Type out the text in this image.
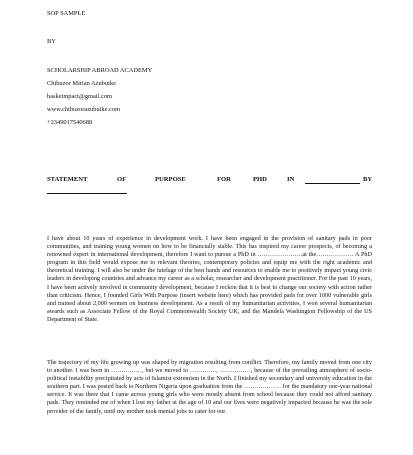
SOP SAMPLE
BY
SCHOLARSHIP ABROAD ACADEMY
Chibuzor Mirian Azubuike
haskeimpact@gmail.com
www.chibuzorazubuike.com
+2349017540688
STATEMENT	OF	PURPOSE	FOR	PHD	IN	BY

I have about 10 years of experience in development work. I have been engaged in the provision of sanitary pads in poor communities, and training young women on how to be financially stable. This has inspired my career prospects, of becoming a renowned expert in international development, therefore I want to pursue a PhD in ………………….at the……………… A PhD program in this field would expose me to relevant theories, contemporary policies and equip me with the right academic and theoretical training. I will also be under the tutelage of the best hands and resources to enable me to positively impact young civic leaders in developing countries and advance my career as a scholar, researcher and development practitioner. For the past 10 years, I have been actively involved in community development, because I reckon that it is best to change our society with action rather than criticism. Hence, I founded Girls With Purpose (insert website here) which has provided pads for over 1000 vulnerable girls and trained about 2,000 women on business development. As a result of my humanitarian activities, I won several humanitarian awards such as Associate Fellow of the Royal Commonwealth Society UK, and the Mandela Washington Fellowship of the US Department of State.

The trajectory of my life growing up was shaped by migration resulting from conflict. Therefore, my family moved from one city to another. I was born in ……………, but we moved to …………., ……………, because of the prevailing atmosphere of socio-political instability precipitated by acts of Islamist extremism in the North. I finished my secondary and university education in the southern part. I was posted back to Northern Nigeria upon graduation from the ……………… for the mandatory one-year national service. It was there that I came across young girls who were mostly absent from school because they could not afford sanitary pads. They reminded me of when I lost my father at the age of 10 and our lives were negatively impacted because he was the sole provider of the family, until my mother took menial jobs to cater for our
